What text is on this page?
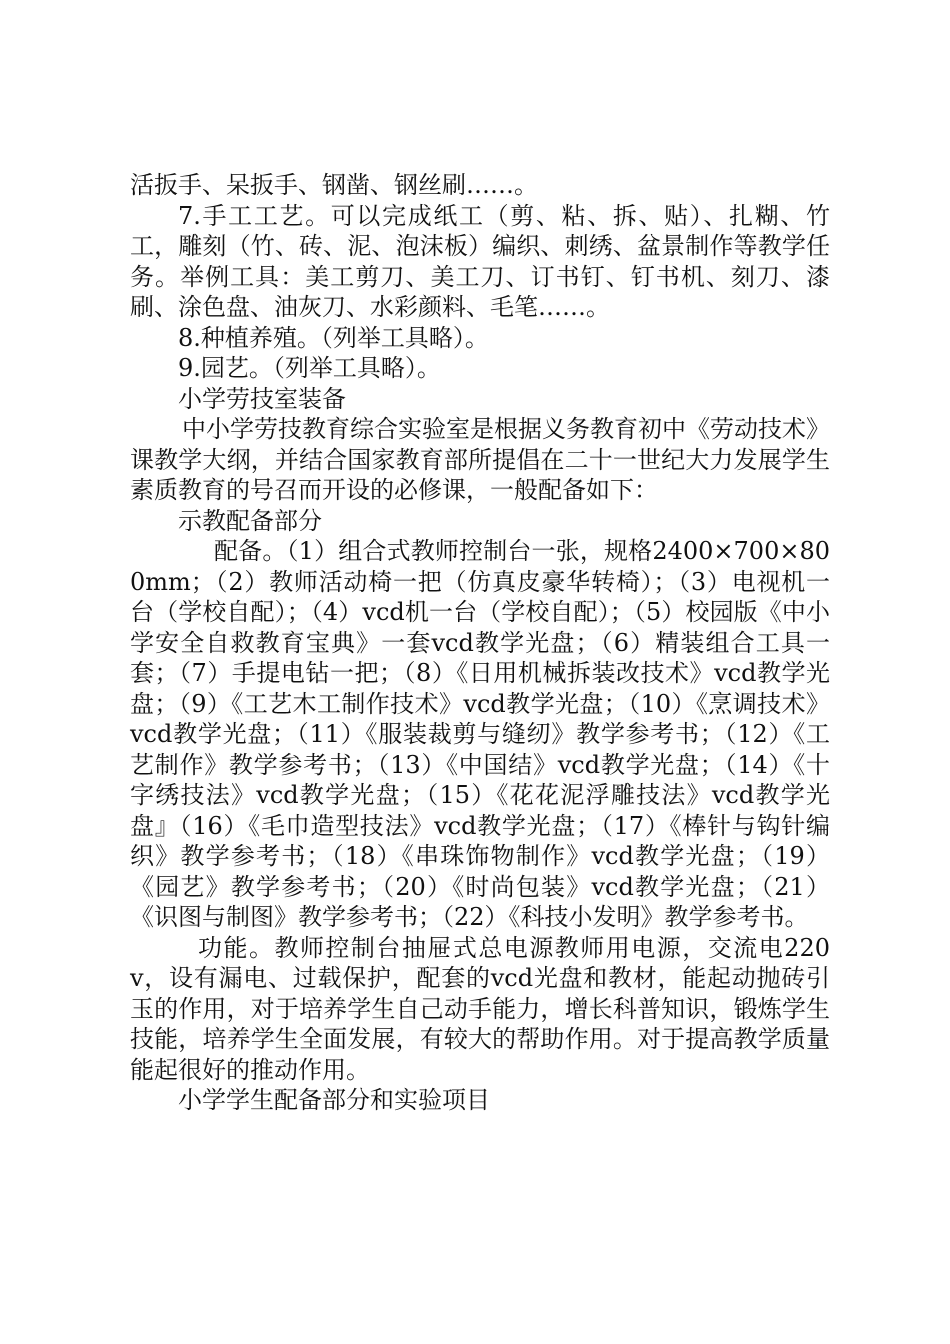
活扳手、呆扳手、钢凿、钢丝刷……。

7.手工工艺。可以完成纸工（剪、粘、拆、贴）、扎糊、竹工，雕刻（竹、砖、泥、泡沫板）编织、刺绣、盆景制作等教学任务。举例工具：美工剪刀、美工刀、订书钉、钉书机、刻刀、漆刷、涂色盘、油灰刀、水彩颜料、毛笔……。

8.种植养殖。（列举工具略）。

9.园艺。（列举工具略）。

小学劳技室装备

中小学劳技教育综合实验室是根据义务教育初中《劳动技术》课教学大纲，并结合国家教育部所提倡在二十一世纪大力发展学生素质教育的号召而开设的必修课，一般配备如下：

示教配备部分

配备。（1）组合式教师控制台一张，规格2400×700×800mm；（2）教师活动椅一把（仿真皮豪华转椅）；（3）电视机一台（学校自配）；（4）vcd机一台（学校自配）；（5）校园版《中小学安全自救教育宝典》一套vcd教学光盘；（6）精装组合工具一套；（7）手提电钻一把；（8）《日用机械拆装改技术》vcd教学光盘；（9）《工艺木工制作技术》vcd教学光盘；（10）《烹调技术》vcd教学光盘；（11）《服装裁剪与缝纫》教学参考书；（12）《工艺制作》教学参考书；（13）《中国结》vcd教学光盘；（14）《十字绣技法》vcd教学光盘；（15）《花花泥浮雕技法》vcd教学光盘』（16）《毛巾造型技法》vcd教学光盘；（17）《棒针与钩针编织》教学参考书；（18）《串珠饰物制作》vcd教学光盘；（19）《园艺》教学参考书；（20）《时尚包装》vcd教学光盘；（21）《识图与制图》教学参考书；（22）《科技小发明》教学参考书。

功能。教师控制台抽屉式总电源教师用电源，交流电220v，设有漏电、过载保护，配套的vcd光盘和教材，能起动抛砖引玉的作用，对于培养学生自己动手能力，增长科普知识，锻炼学生技能，培养学生全面发展，有较大的帮助作用。对于提高教学质量能起很好的推动作用。

小学学生配备部分和实验项目
